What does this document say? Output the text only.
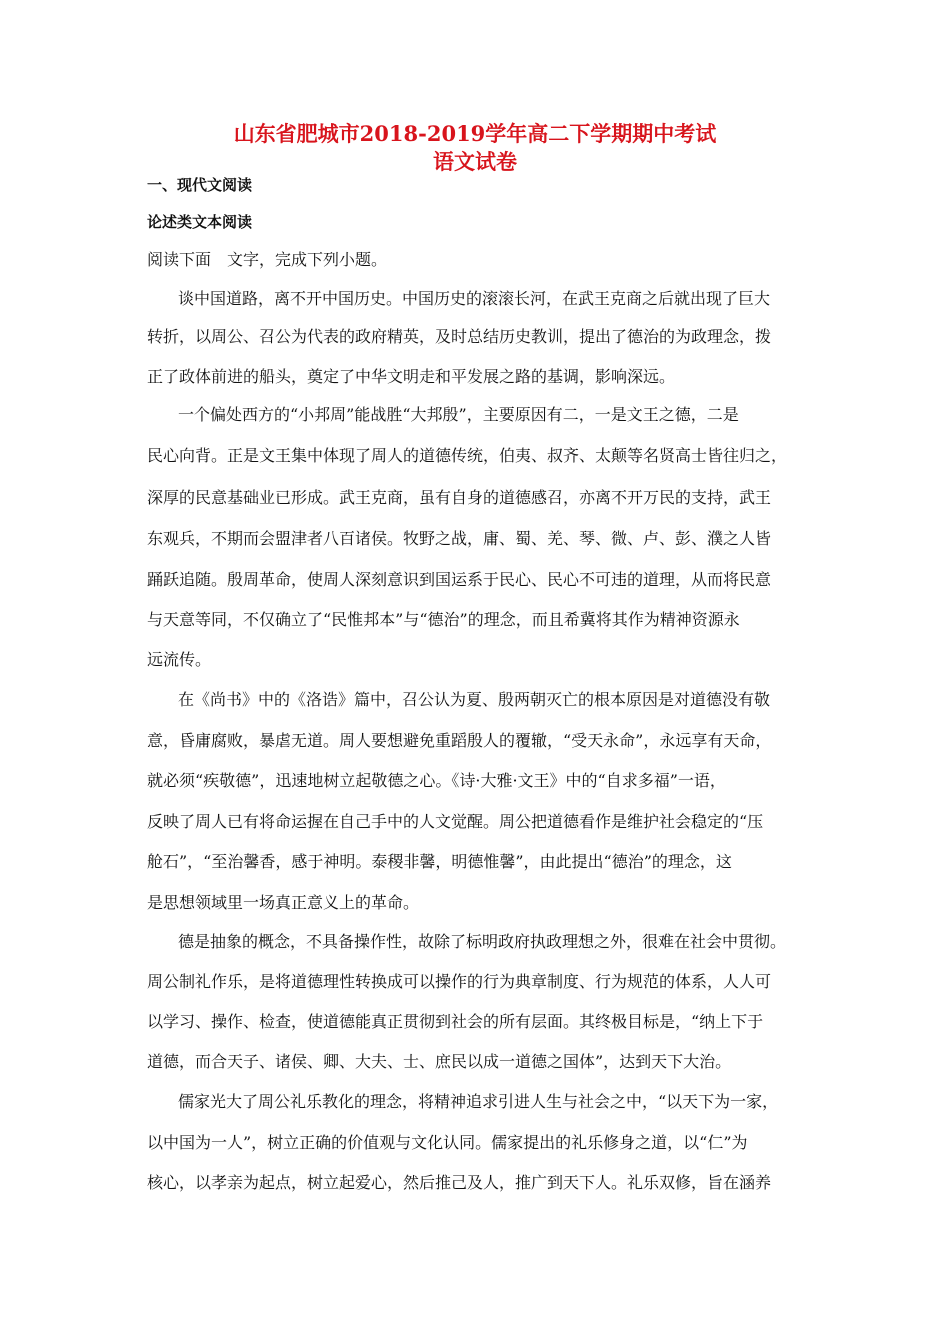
山东省肥城市2018-2019学年高二下学期期中考试
语文试卷
一、现代文阅读
论述类文本阅读
阅读下面　文字，完成下列小题。
谈中国道路，离不开中国历史。中国历史的滚滚长河，在武王克商之后就出现了巨大
转折，以周公、召公为代表的政府精英，及时总结历史教训，提出了德治的为政理念，拨
正了政体前进的船头，奠定了中华文明走和平发展之路的基调，影响深远。
一个偏处西方的“小邦周”能战胜“大邦殷”，主要原因有二，一是文王之德，二是
民心向背。正是文王集中体现了周人的道德传统，伯夷、叔齐、太颠等名贤高士皆往归之，
深厚的民意基础业已形成。武王克商，虽有自身的道德感召，亦离不开万民的支持，武王
东观兵，不期而会盟津者八百诸侯。牧野之战，庸、蜀、羌、琴、微、卢、彭、濮之人皆
踊跃追随。殷周革命，使周人深刻意识到国运系于民心、民心不可违的道理，从而将民意
与天意等同，不仅确立了“民惟邦本”与“德治”的理念，而且希冀将其作为精神资源永
远流传。
在《尚书》中的《洛诰》篇中，召公认为夏、殷两朝灭亡的根本原因是对道德没有敬
意，昏庸腐败，暴虐无道。周人要想避免重蹈殷人的覆辙，“受天永命”，永远享有天命，
就必须“疾敬德”，迅速地树立起敬德之心。《诗·大雅·文王》中的“自求多福”一语，
反映了周人已有将命运握在自己手中的人文觉醒。周公把道德看作是维护社会稳定的“压
舱石”，“至治馨香，感于神明。泰稷非馨，明德惟馨”，由此提出“德治”的理念，这
是思想领域里一场真正意义上的革命。
德是抽象的概念，不具备操作性，故除了标明政府执政理想之外，很难在社会中贯彻。
周公制礼作乐，是将道德理性转换成可以操作的行为典章制度、行为规范的体系，人人可
以学习、操作、检查，使道德能真正贯彻到社会的所有层面。其终极目标是，“纳上下于
道德，而合天子、诸侯、卿、大夫、士、庶民以成一道德之国体”，达到天下大治。
儒家光大了周公礼乐教化的理念，将精神追求引进人生与社会之中，“以天下为一家，
以中国为一人”，树立正确的价值观与文化认同。儒家提出的礼乐修身之道，以“仁”为
核心，以孝亲为起点，树立起爱心，然后推己及人，推广到天下人。礼乐双修，旨在涵养
